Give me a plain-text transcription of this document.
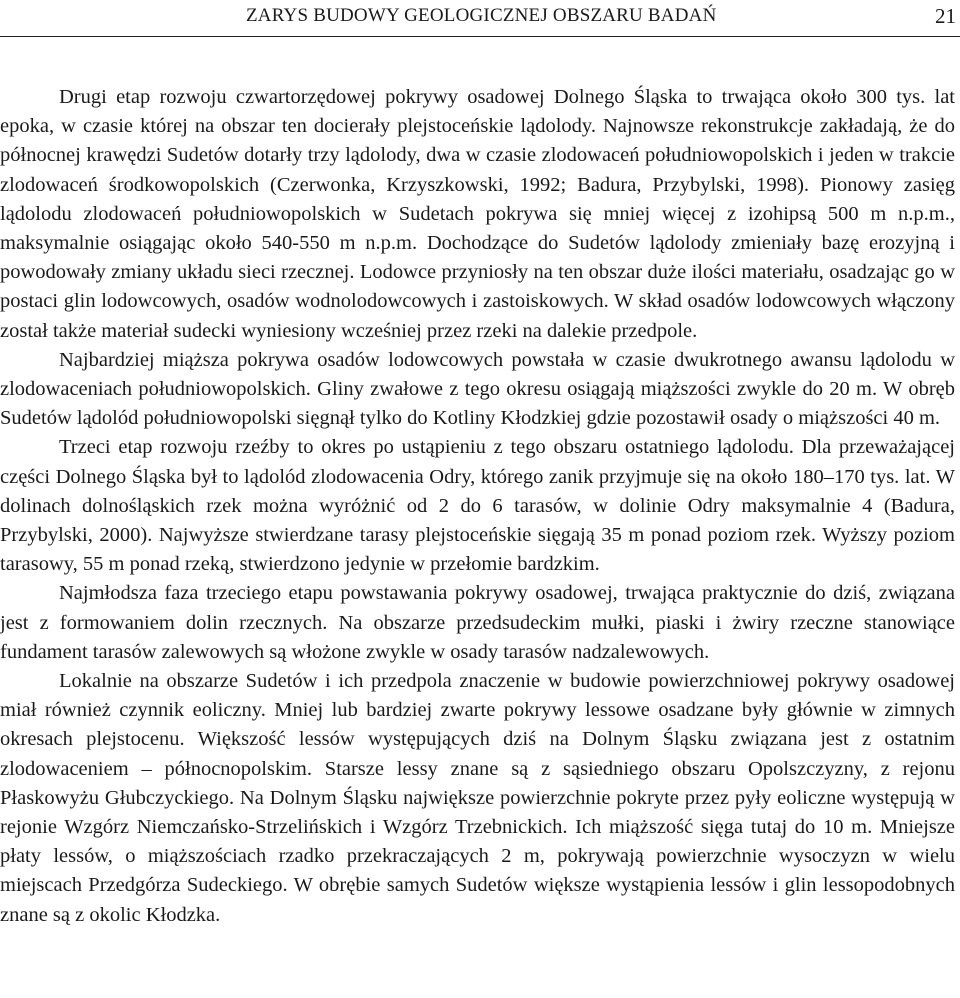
ZARYS BUDOWY GEOLOGICZNEJ OBSZARU BADAŃ	21

Drugi etap rozwoju czwartorzędowej pokrywy osadowej Dolnego Śląska to trwająca około 300 tys. lat epoka, w czasie której na obszar ten docierały plejstoceńskie lądolody. Najnowsze rekonstrukcje zakładają, że do północnej krawędzi Sudetów dotarły trzy lądolody, dwa w czasie zlodowaceń południowopolskich i jeden w trakcie zlodowaceń środkowopolskich (Czerwonka, Krzyszkowski, 1992; Badura, Przybylski, 1998). Pionowy zasięg lądolodu zlodowaceń południowopolskich w Sudetach pokrywa się mniej więcej z izohipsą 500 m n.p.m., maksymalnie osiągając około 540-550 m n.p.m. Dochodzące do Sudetów lądolody zmieniały bazę erozyjną i powodowały zmiany układu sieci rzecznej. Lodowce przyniosły na ten obszar duże ilości materiału, osadzając go w postaci glin lodowcowych, osadów wodnolodowcowych i zastoiskowych. W skład osadów lodowcowych włączony został także materiał sudecki wyniesiony wcześniej przez rzeki na dalekie przedpole.

Najbardziej miąższa pokrywa osadów lodowcowych powstała w czasie dwukrotnego awansu lądolodu w zlodowaceniach południowopolskich. Gliny zwałowe z tego okresu osiągają miąższości zwykle do 20 m. W obręb Sudetów lądolód południowopolski sięgnął tylko do Kotliny Kłodzkiej gdzie pozostawił osady o miąższości 40 m.

Trzeci etap rozwoju rzeźby to okres po ustąpieniu z tego obszaru ostatniego lądolodu. Dla przeważającej części Dolnego Śląska był to lądolód zlodowacenia Odry, którego zanik przyjmuje się na około 180–170 tys. lat. W dolinach dolnośląskich rzek można wyróżnić od 2 do 6 tarasów, w dolinie Odry maksymalnie 4 (Badura, Przybylski, 2000). Najwyższe stwierdzane tarasy plejstoceńskie sięgają 35 m ponad poziom rzek. Wyższy poziom tarasowy, 55 m ponad rzeką, stwierdzono jedynie w przełomie bardzkim.

Najmłodsza faza trzeciego etapu powstawania pokrywy osadowej, trwająca praktycznie do dziś, związana jest z formowaniem dolin rzecznych. Na obszarze przedsudeckim mułki, piaski i żwiry rzeczne stanowiące fundament tarasów zalewowych są włożone zwykle w osady tarasów nadzalewowych.

Lokalnie na obszarze Sudetów i ich przedpola znaczenie w budowie powierzchniowej pokrywy osadowej miał również czynnik eoliczny. Mniej lub bardziej zwarte pokrywy lessowe osadzane były głównie w zimnych okresach plejstocenu. Większość lessów występujących dziś na Dolnym Śląsku związana jest z ostatnim zlodowaceniem – północnopolskim. Starsze lessy znane są z sąsiedniego obszaru Opolszczyzny, z rejonu Płaskowyżu Głubczyckiego. Na Dolnym Śląsku największe powierzchnie pokryte przez pyły eoliczne występują w rejonie Wzgórz Niemczańsko-Strzelińskich i Wzgórz Trzebnickich. Ich miąższość sięga tutaj do 10 m. Mniejsze płaty lessów, o miąższościach rzadko przekraczających 2 m, pokrywają powierzchnie wysoczyzn w wielu miejscach Przedgórza Sudeckiego. W obrębie samych Sudetów większe wystąpienia lessów i glin lessopodobnych znane są z okolic Kłodzka.
